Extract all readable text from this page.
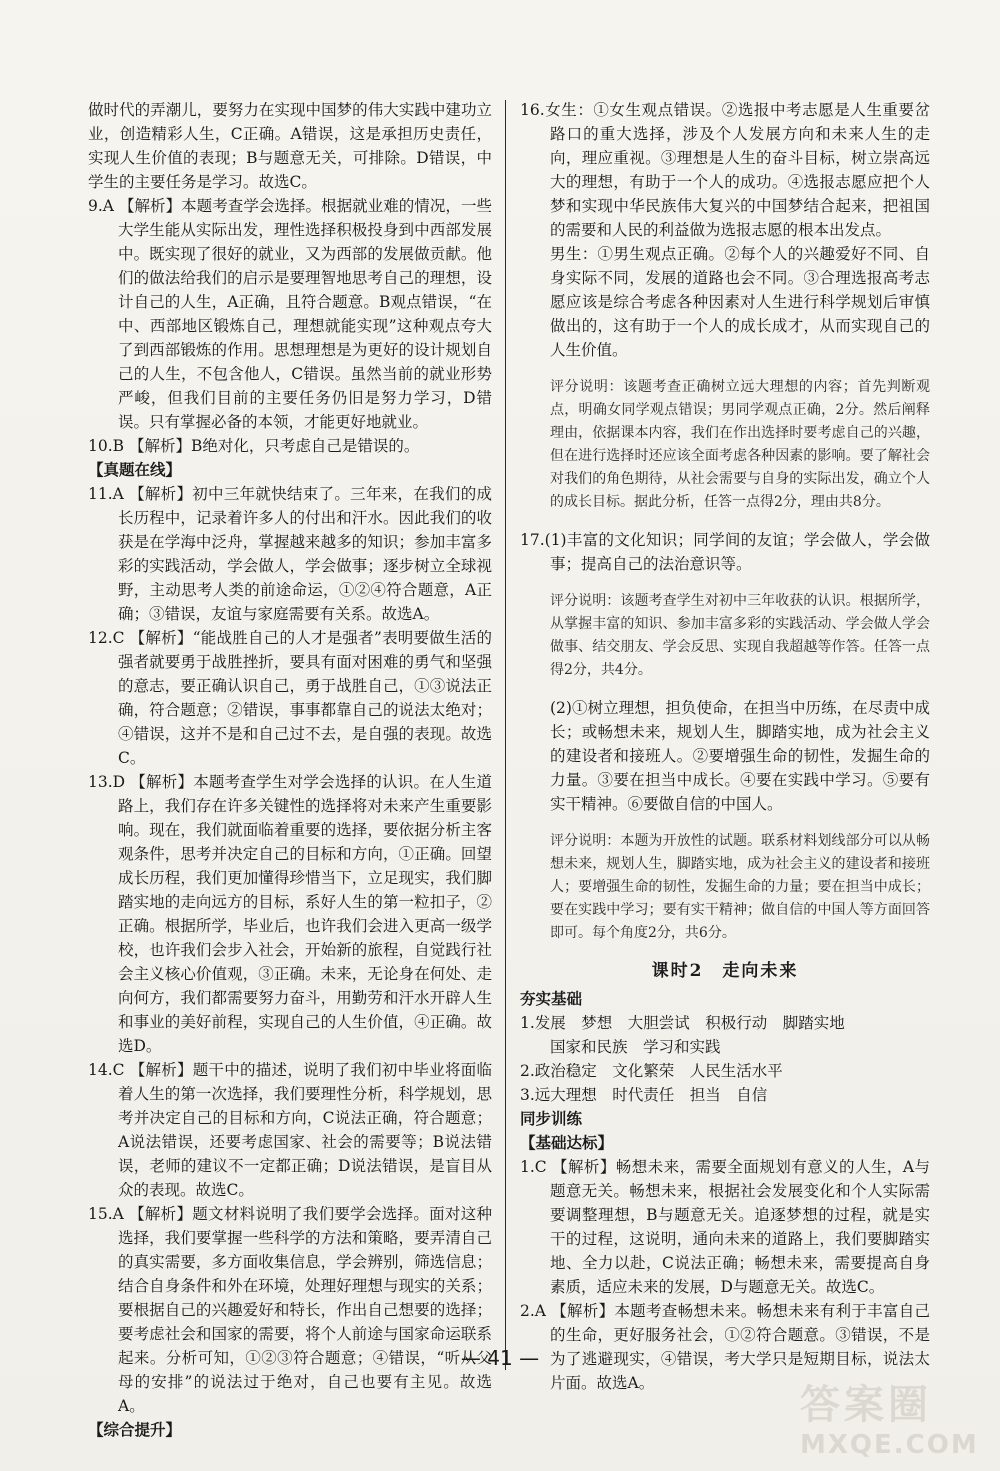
做时代的弄潮儿，要努力在实现中国梦的伟大实践中建功立业，创造精彩人生，C正确。A错误，这是承担历史责任，实现人生价值的表现；B与题意无关，可排除。D错误，中学生的主要任务是学习。故选C。

9.A 【解析】本题考查学会选择。根据就业难的情况，一些大学生能从实际出发，理性选择积极投身到中西部发展中。既实现了很好的就业，又为西部的发展做贡献。他们的做法给我们的启示是要理智地思考自己的理想，设计自己的人生，A正确，且符合题意。B观点错误，“在中、西部地区锻炼自己，理想就能实现”这种观点夸大了到西部锻炼的作用。思想理想是为更好的设计规划自己的人生，不包含他人，C错误。虽然当前的就业形势严峻，但我们目前的主要任务仍旧是努力学习，D错误。只有掌握必备的本领，才能更好地就业。

10.B 【解析】B绝对化，只考虑自己是错误的。

【真题在线】

11.A 【解析】初中三年就快结束了。三年来，在我们的成长历程中，记录着许多人的付出和汗水。因此我们的收获是在学海中泛舟，掌握越来越多的知识；参加丰富多彩的实践活动，学会做人，学会做事；逐步树立全球视野，主动思考人类的前途命运，①②④符合题意，A正确；③错误，友谊与家庭需要有关系。故选A。

12.C 【解析】“能战胜自己的人才是强者”表明要做生活的强者就要勇于战胜挫折，要具有面对困难的勇气和坚强的意志，要正确认识自己，勇于战胜自己，①③说法正确，符合题意；②错误，事事都靠自己的说法太绝对；④错误，这并不是和自己过不去，是自强的表现。故选C。

13.D 【解析】本题考查学生对学会选择的认识。在人生道路上，我们存在许多关键性的选择将对未来产生重要影响。现在，我们就面临着重要的选择，要依据分析主客观条件，思考并决定自己的目标和方向，①正确。回望成长历程，我们更加懂得珍惜当下，立足现实，我们脚踏实地的走向远方的目标，系好人生的第一粒扣子，②正确。根据所学，毕业后，也许我们会进入更高一级学校，也许我们会步入社会，开始新的旅程，自觉践行社会主义核心价值观，③正确。未来，无论身在何处、走向何方，我们都需要努力奋斗，用勤劳和汗水开辟人生和事业的美好前程，实现自己的人生价值，④正确。故选D。

14.C 【解析】题干中的描述，说明了我们初中毕业将面临着人生的第一次选择，我们要理性分析，科学规划，思考并决定自己的目标和方向，C说法正确，符合题意；A说法错误，还要考虑国家、社会的需要等；B说法错误，老师的建议不一定都正确；D说法错误，是盲目从众的表现。故选C。

15.A 【解析】题文材料说明了我们要学会选择。面对这种选择，我们要掌握一些科学的方法和策略，要弄清自己的真实需要，多方面收集信息，学会辨别，筛选信息；结合自身条件和外在环境，处理好理想与现实的关系；要根据自己的兴趣爱好和特长，作出自己想要的选择；要考虑社会和国家的需要，将个人前途与国家命运联系起来。分析可知，①②③符合题意；④错误，“听从父母的安排”的说法过于绝对，自己也要有主见。故选A。

【综合提升】

16.女生：①女生观点错误。②选报中考志愿是人生重要岔路口的重大选择，涉及个人发展方向和未来人生的走向，理应重视。③理想是人生的奋斗目标，树立崇高远大的理想，有助于一个人的成功。④选报志愿应把个人梦和实现中华民族伟大复兴的中国梦结合起来，把祖国的需要和人民的利益做为选报志愿的根本出发点。

男生：①男生观点正确。②每个人的兴趣爱好不同、自身实际不同，发展的道路也会不同。③合理选报高考志愿应该是综合考虑各种因素对人生进行科学规划后审慎做出的，这有助于一个人的成长成才，从而实现自己的人生价值。

评分说明：该题考查正确树立远大理想的内容；首先判断观点，明确女同学观点错误；男同学观点正确，2分。然后阐释理由，依据课本内容，我们在作出选择时要考虑自己的兴趣，但在进行选择时还应该全面考虑各种因素的影响。要了解社会对我们的角色期待，从社会需要与自身的实际出发，确立个人的成长目标。据此分析，任答一点得2分，理由共8分。

17.(1)丰富的文化知识；同学间的友谊；学会做人，学会做事；提高自己的法治意识等。

评分说明：该题考查学生对初中三年收获的认识。根据所学，从掌握丰富的知识、参加丰富多彩的实践活动、学会做人学会做事、结交朋友、学会反思、实现自我超越等作答。任答一点得2分，共4分。

(2)①树立理想，担负使命，在担当中历练，在尽责中成长；或畅想未来，规划人生，脚踏实地，成为社会主义的建设者和接班人。②要增强生命的韧性，发掘生命的力量。③要在担当中成长。④要在实践中学习。⑤要有实干精神。⑥要做自信的中国人。

评分说明：本题为开放性的试题。联系材料划线部分可以从畅想未来，规划人生，脚踏实地，成为社会主义的建设者和接班人；要增强生命的韧性，发掘生命的力量；要在担当中成长；要在实践中学习；要有实干精神；做自信的中国人等方面回答即可。每个角度2分，共6分。

课时2　走向未来

夯实基础

1.发展　梦想　大胆尝试　积极行动　脚踏实地

国家和民族　学习和实践

2.政治稳定　文化繁荣　人民生活水平

3.远大理想　时代责任　担当　自信

同步训练

【基础达标】

1.C 【解析】畅想未来，需要全面规划有意义的人生，A与题意无关。畅想未来，根据社会发展变化和个人实际需要调整理想，B与题意无关。追逐梦想的过程，就是实干的过程，这说明，通向未来的道路上，我们要脚踏实地、全力以赴，C说法正确；畅想未来，需要提高自身素质，适应未来的发展，D与题意无关。故选C。

2.A 【解析】本题考查畅想未来。畅想未来有利于丰富自己的生命，更好服务社会，①②符合题意。③错误，不是为了逃避现实，④错误，考大学只是短期目标，说法太片面。故选A。

— 41 —
答案圈
MXQE.COM
